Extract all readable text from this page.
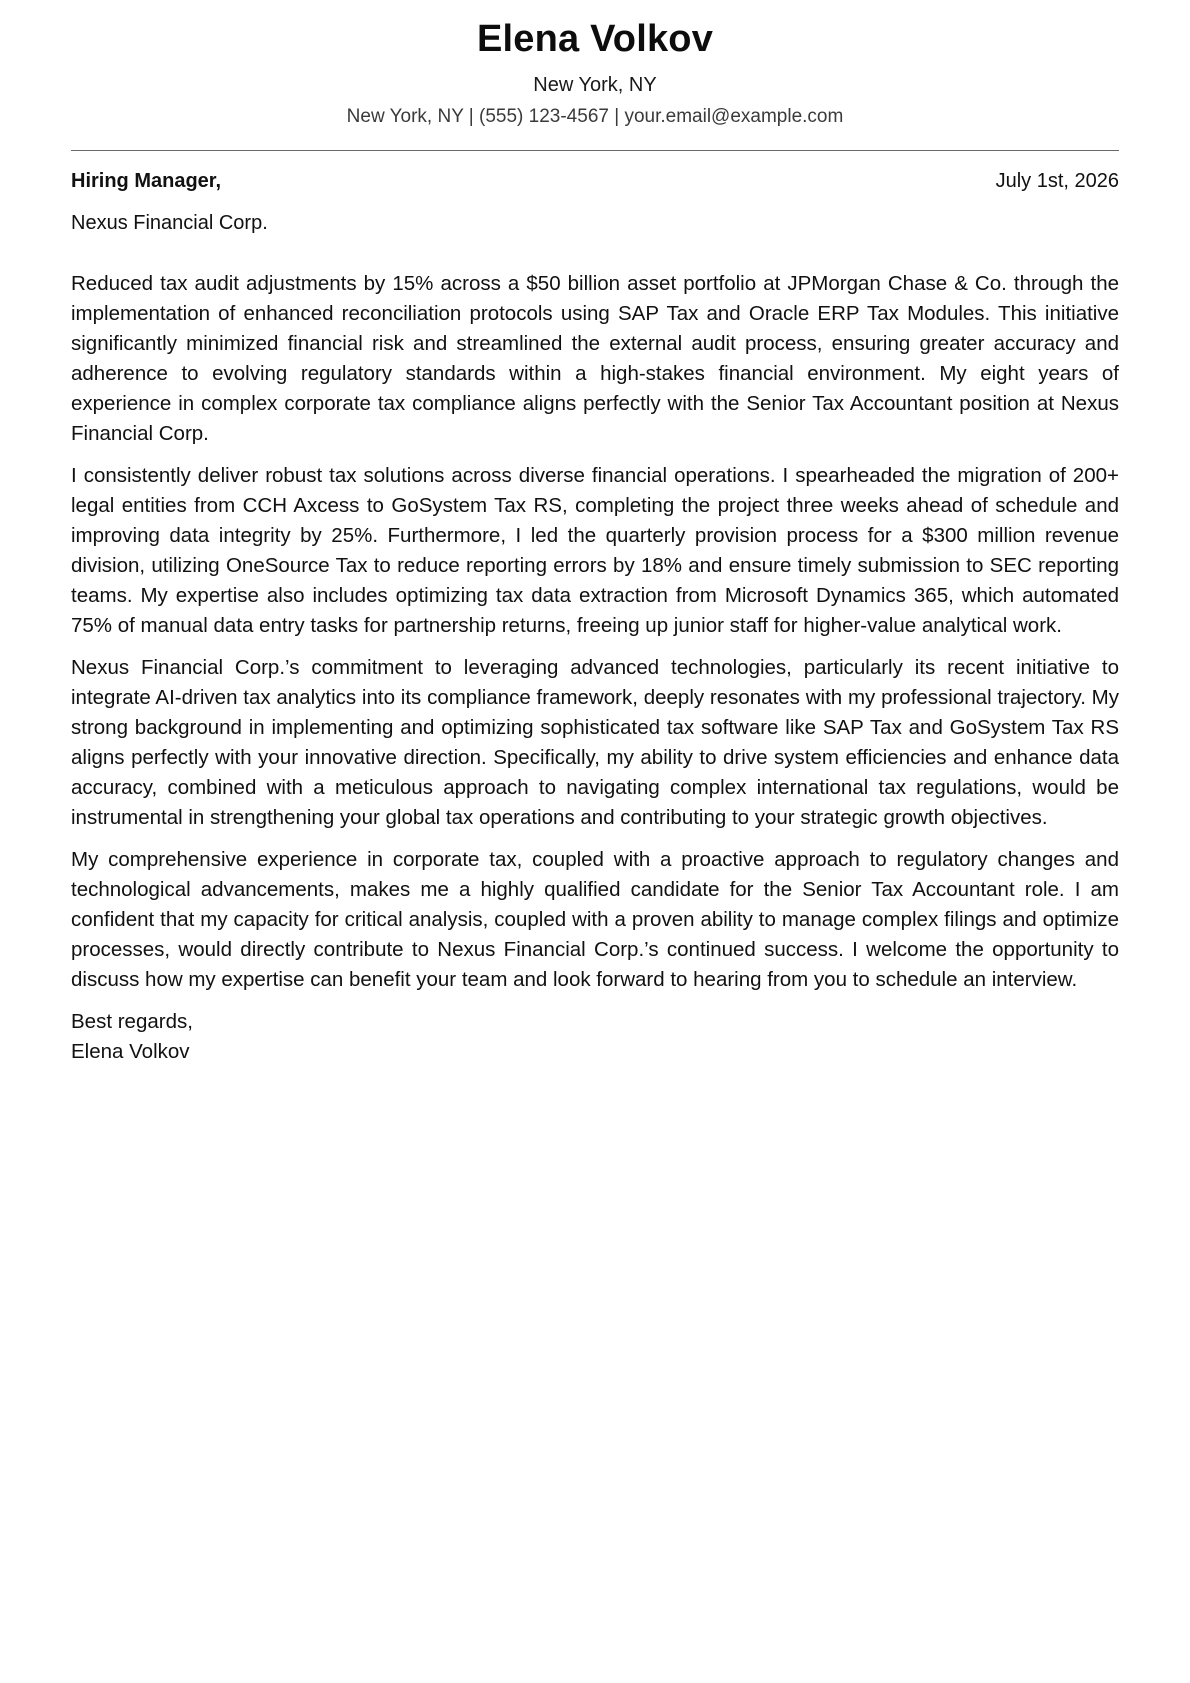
Elena Volkov
New York, NY
New York, NY | (555) 123-4567 | your.email@example.com
Hiring Manager,	July 1st, 2026
Nexus Financial Corp.

Reduced tax audit adjustments by 15% across a $50 billion asset portfolio at JPMorgan Chase & Co. through the implementation of enhanced reconciliation protocols using SAP Tax and Oracle ERP Tax Modules. This initiative significantly minimized financial risk and streamlined the external audit process, ensuring greater accuracy and adherence to evolving regulatory standards within a high-stakes financial environment. My eight years of experience in complex corporate tax compliance aligns perfectly with the Senior Tax Accountant position at Nexus Financial Corp.

I consistently deliver robust tax solutions across diverse financial operations. I spearheaded the migration of 200+ legal entities from CCH Axcess to GoSystem Tax RS, completing the project three weeks ahead of schedule and improving data integrity by 25%. Furthermore, I led the quarterly provision process for a $300 million revenue division, utilizing OneSource Tax to reduce reporting errors by 18% and ensure timely submission to SEC reporting teams. My expertise also includes optimizing tax data extraction from Microsoft Dynamics 365, which automated 75% of manual data entry tasks for partnership returns, freeing up junior staff for higher-value analytical work.

Nexus Financial Corp.’s commitment to leveraging advanced technologies, particularly its recent initiative to integrate AI-driven tax analytics into its compliance framework, deeply resonates with my professional trajectory. My strong background in implementing and optimizing sophisticated tax software like SAP Tax and GoSystem Tax RS aligns perfectly with your innovative direction. Specifically, my ability to drive system efficiencies and enhance data accuracy, combined with a meticulous approach to navigating complex international tax regulations, would be instrumental in strengthening your global tax operations and contributing to your strategic growth objectives.

My comprehensive experience in corporate tax, coupled with a proactive approach to regulatory changes and technological advancements, makes me a highly qualified candidate for the Senior Tax Accountant role. I am confident that my capacity for critical analysis, coupled with a proven ability to manage complex filings and optimize processes, would directly contribute to Nexus Financial Corp.’s continued success. I welcome the opportunity to discuss how my expertise can benefit your team and look forward to hearing from you to schedule an interview.

Best regards,
Elena Volkov
